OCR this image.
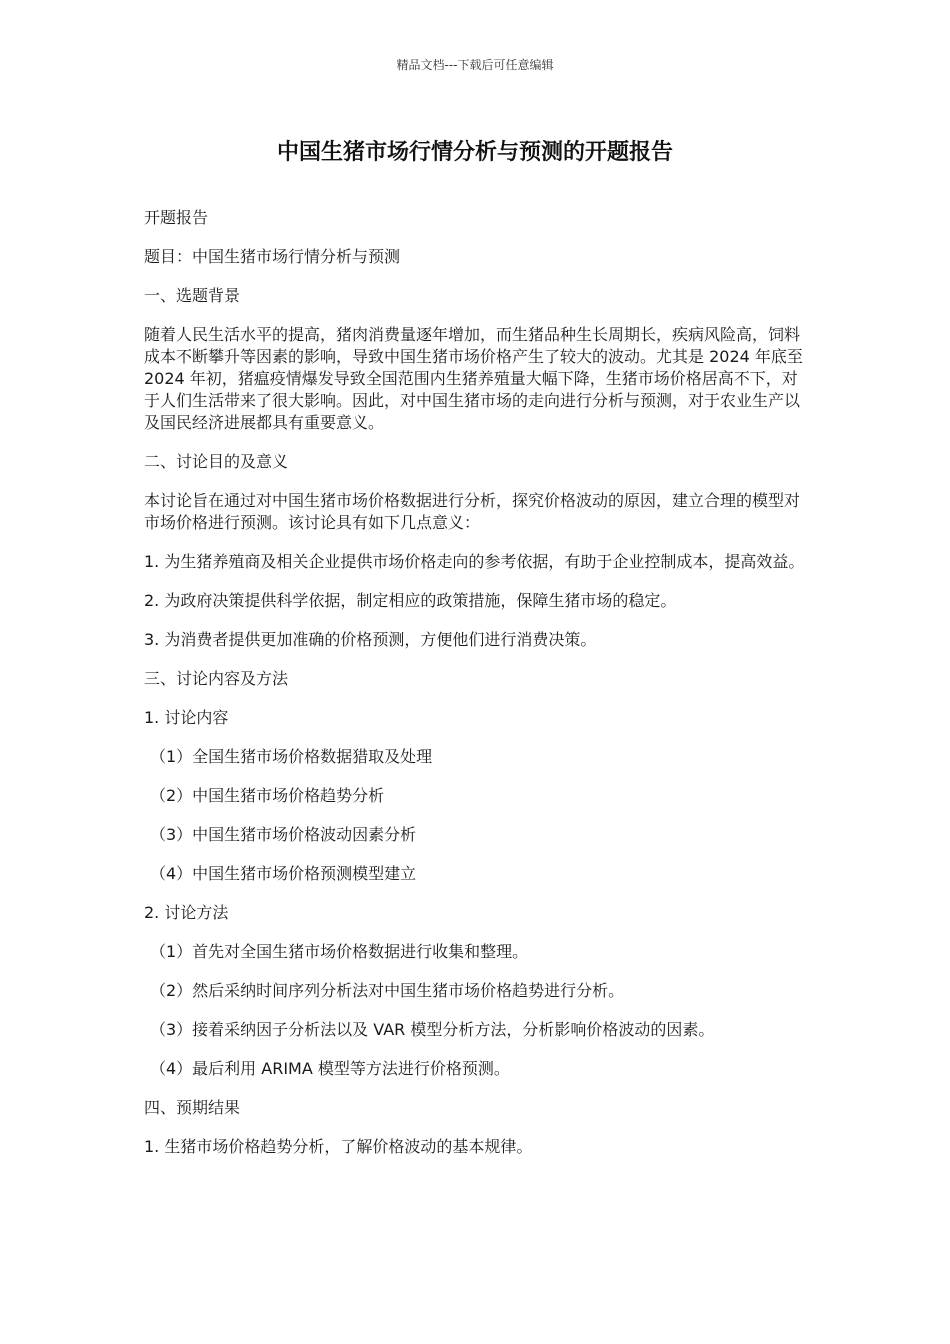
精品文档---下载后可任意编辑
中国生猪市场行情分析与预测的开题报告

开题报告

题目：中国生猪市场行情分析与预测

一、选题背景

随着人民生活水平的提高，猪肉消费量逐年增加，而生猪品种生长周期长，疾病风险高，饲料成本不断攀升等因素的影响，导致中国生猪市场价格产生了较大的波动。尤其是 2024 年底至 2024 年初，猪瘟疫情爆发导致全国范围内生猪养殖量大幅下降，生猪市场价格居高不下，对于人们生活带来了很大影响。因此，对中国生猪市场的走向进行分析与预测，对于农业生产以及国民经济进展都具有重要意义。

二、讨论目的及意义

本讨论旨在通过对中国生猪市场价格数据进行分析，探究价格波动的原因，建立合理的模型对市场价格进行预测。该讨论具有如下几点意义：

1. 为生猪养殖商及相关企业提供市场价格走向的参考依据，有助于企业控制成本，提高效益。

2. 为政府决策提供科学依据，制定相应的政策措施，保障生猪市场的稳定。

3. 为消费者提供更加准确的价格预测，方便他们进行消费决策。

三、讨论内容及方法

1. 讨论内容

（1）全国生猪市场价格数据猎取及处理

（2）中国生猪市场价格趋势分析

（3）中国生猪市场价格波动因素分析

（4）中国生猪市场价格预测模型建立

2. 讨论方法

（1）首先对全国生猪市场价格数据进行收集和整理。

（2）然后采纳时间序列分析法对中国生猪市场价格趋势进行分析。

（3）接着采纳因子分析法以及 VAR 模型分析方法，分析影响价格波动的因素。

（4）最后利用 ARIMA 模型等方法进行价格预测。

四、预期结果

1. 生猪市场价格趋势分析，了解价格波动的基本规律。
